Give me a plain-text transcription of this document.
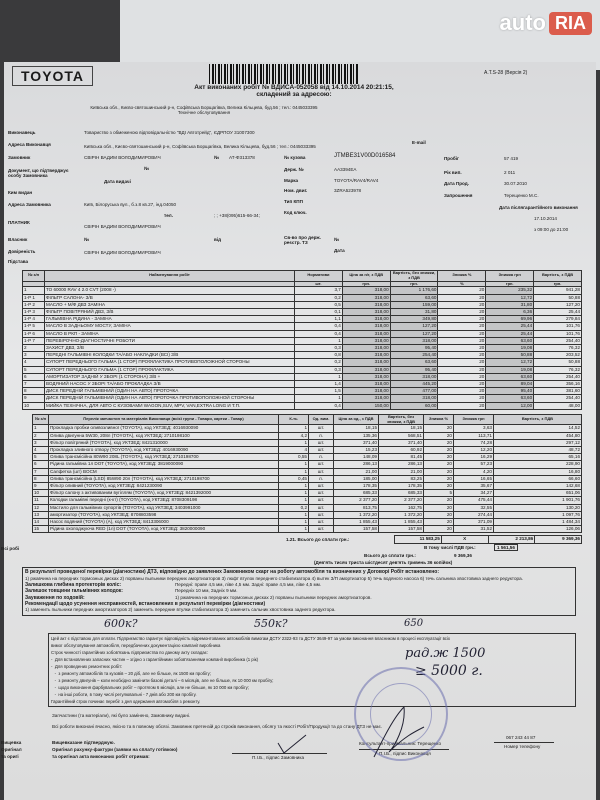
auto RIA
TOYOTA	А.Т.S-28 (Версія 2)
Акт виконаних робіт № ВДИСА-052058 від 14.10.2014 20:21:15,
складений за адресою:
Київська обл., Києво-святошинський р-н, Софіївська Борщагівка, Велика Кільцева, буд.56 ; тел.: 0445033395
Технічне обслуговування
Виконавець	Товариство з обмеженою відповідальністю "ВДІ Автотрейд", ЄДРПОУ 31007300
Адреса Виконавця	Київська обл., Києво-святошинський р-н, Софіївська Борщагівка, Велика Кільцева, буд.56 ; тел.: 0445033395
E-mail
Замовник	СВІРІН ВАДИМ ВОЛОДИМИРОВИЧ	№ АТ-Ф313378
Документ, що підтверджує особу Замовника
№
Дата видачі
Ким видан
Адреса Замовника	Київ, Білоруська вул., б.з.8 кв.27, інд.04050
тел.	; ; +38(095)615-66-34;
ПЛАТНИК
СВІРІН ВАДИМ ВОЛОДИМИРОВИЧ
Власник
Довіреність
№	від	Св-во про держ. реєстр. ТЗ
№
Дата
Підстава
СВІРІН ВАДИМ ВОЛОДИМИРОВИЧ
№ кузова	JTMBE31V00D016584
Держ. №	АА3394ЕА
Марка	TOYOTA/RAV4/RAV4
Ном. двиг.	3ZRA523978
Тип КПП
Код ключ.
Пробіг	57 419
Рік вип.	2 011
Дата Прод.	30.07.2010
Запрошення	Терещенко М.С.
Дата післягарантійного виконання
17.10.2014
з 09:00 до 21:00
№ з/п	Найменування робіт	Нормативи	Ціна за н/г, з ПДВ	Вартість, без знижки, з ПДВ	Знижка %	Знижка грн	Вартість, з ПДВ
		шт.	грн.	грн.	%	грн.	грн.
1	ТО 60000 RAV 4 2.0 CVT (2008 -)	3,7	318,00	1 176,60	20	235,32	941,28
1-Р 1	ФІЛЬТР САЛОНА- З/В	0,2	318,00	63,60	20	12,72	50,88
1-Р 2	МАСЛО + М/Ф ДВЗ ЗАМІНА	0,5	318,00	159,00	20	31,80	127,20
1-Р 3	ФІЛЬТР ПОВІТРЯНИЙ ДВЗ, З/В	0,1	318,00	31,80	20	6,36	25,44
1-Р 4	ГАЛЬМІВНА РІДИНА - ЗАМІНА	1,1	318,00	349,80	20	69,96	279,84
1-Р 5	МАСЛО В ЗАДНЬОМУ МОСТУ, ЗАМІНА	0,4	318,00	127,20	20	25,44	101,76
1-Р 6	МАСЛО В РКП - ЗАМІНА	0,4	318,00	127,20	20	25,44	101,76
1-Р 7	ПЕРЕВІРОЧНО-ДІАГНОСТИЧНІ РОБОТИ	1	318,00	318,00	20	63,60	254,40
2	ЗАХИСТ ДВЗ, З/В	0,3	318,00	95,40	20	19,08	76,32
3	ПЕРЕДНІ ГАЛЬМІВНІ КОЛОДКИ ТА/АБО НАКЛАДКИ (ВСІ) З/В	0,8	318,00	254,40	20	50,88	203,52
4	СУПОРТ ПЕРЕДНЬОГО ГАЛЬМА (1 СТОР) ПРОФІЛАКТИКА ПРОТИВОПОЛОЖНОЙ СТОРОНЫ	0,2	318,00	63,60	20	12,72	50,88
5	СУПОРТ ПЕРЕДНЬОГО ГАЛЬМА (1 СТОР) ПРОФІЛАКТИКА	0,3	318,00	95,40	20	19,08	76,32
6	АМОРТИЗАТОР ЗАДНІЙ У ЗБОРІ (1 СТОРОНА) З/В +	1	318,00	318,00	20	63,60	254,40
7	ВОДЯНИЙ НАСОС У ЗБОРІ ТА/АБО ПРОКЛАДКА З/В	1,4	318,00	445,20	20	89,04	356,16
8	ДИСК ПЕРЕДНІЙ ГАЛЬМІВНИЙ (ОДИН НА АВТО) ПРОТОЧКА	1,5	318,00	477,00	20	95,40	381,60
9	ДИСК ПЕРЕДНІЙ ГАЛЬМІВНИЙ (ОДИН НА АВТО) ПРОТОЧКА ПРОТИВОПОЛОЖНОЙ СТОРОНЫ	1	318,00	318,00	20	63,60	254,40
10	МИЙКА ТЕХНІЧНА, ДЛЯ АВТО С КУЗОВАМИ WAGON,SUV, MPV, VAN,EXTRA LONG И Т.П.	0,4	150,00	60,00	20	12,00	48,00
№ з/п	Перелік запчастин та матеріалів Виконавця (всієї групи - Товари, картки - Товар)	К-ть	Од. вим.	Ціна за од., з ПДВ	Вартість, без знижки, з ПДВ	Знижка %	Знижка грн	Вартість, з ПДВ
1	Прокладка пробки оливозливної (TOYOTA), код УКТЗЕД: 4016930090	1	шт.	18,15	18,15	20	3,63	14,52
2	Олива двигунна 5W30, 208л (TOYOTA), код УКТЗЕД: 2710198100	4,2	л.	135,36	568,51	20	113,71	454,80
3	Фільтр повітряний (TOYOTA), код УКТЗЕД: 8421310000	1	шт.	371,40	371,40	20	74,28	297,12
4	Прокладка зливного отвору (TOYOTA), код УКТЗЕД: 4016930090	4	шт.	15,23	60,92	20	12,20	48,72
5	Олива трансмісійна 80W90 208L (TOYOTA), код УКТЗЕД: 2710198700	0,55	л.	148,09	81,45	20	16,29	65,16
6	Рідина гальмівна 1л DOT (TOYOTA), код УКТЗЕД: 3819000090	1	шт.	286,13	286,13	20	57,23	228,90
7	Салфетка (шт) BOCM	1	шт.	21,00	21,00	20	4,20	16,80
8	Олива трансмісійна (LSD) 85W90 20л (TOYOTA), код УКТЗЕД: 2710198700	0,45	л.	185,00	83,25	20	16,65	66,60
9	Фільтр оливний (TOYOTA), код УКТЗЕД: 8421230090	1	шт.	178,35	178,35	20	35,67	142,68
10	Фільтр салону з активованим вугіллям (TOYOTA), код УКТЗЕД: 8421392000	1	шт.	685,33	685,33	5	34,27	651,06
11	Колодки гальмівні передні (к-кт) (TOYOTA), код УКТЗЕД: 8708309198	1	шт.	2 377,20	2 377,20	20	475,44	1 901,76
12	Мастило для гальмівних супортів (TOYOTA), код УКТЗЕД: 3403991000	0,2	шт.	813,75	162,75	20	32,55	130,20
13	амортизатор (TOYOTA), код УКТЗЕД: 8708803598	1	шт.	1 372,20	1 372,20	20	274,44	1 097,76
14	Насос водяний (TOYOTA) (A), код УКТЗЕД: 8413306000	1	шт.	1 855,43	1 855,43	20	371,09	1 484,34
15	Рідина охолоджуюча RED (1л) DOT (TOYOTA), код УКТЗЕД: 3820000090	1	шт.	157,58	157,58	20	31,52	126,06
1.21. Всього до сплати грн.:	11 583,25	X	2 213,86	9 369,36
В тому числі ПДВ грн.:	1 561,56
Всього до сплати грн.:	9 369,36
(Дев'ять тисяч триста шістдесят дев'ять гривень 36 копійок)
В результаті проведеної перевірки (діагностики) ДТЗ, відповідно до заявлених Замовником скарг на роботу автомобіля та визначених у Договорі Робіт встановлено:
1) ржавчина на передних тормозных дисках 2) порваны пыльники передних амортизаторов 3) люфт втулок переднего стабилизатора 4) вытек З/П амортизатор 5) течь водяного насоса 6) течь сальника хвостовика заднего редуктора.
Залишкова глибина протекторів коліс:	Передні: праве 4,5 мм, ліве 4,5 мм. Задні: праве 4,5 мм, ліве 4,5 мм.
Залишок товщини гальмівних колодок:	Передніх 10 мм, Задніх 9 мм.
Зауваження по ходовій:	1) ржавчина на передних тормозных дисках 2) порваны пыльники передних амортизаторов.
Рекомендації щодо усунення несправностей, встановлених в результаті перевірки (діагностики)
1) заменить пыльники передних амортизаторов 2) заменить передние втулки стабилизатора 3) заменить сальник хвостовика заднего редуктора.
600к?	550к?	650
рад.ж 1500
≥ 5000 г.
Цей акт є підставою для оплати. Підприємство гарантує відповідність відремонтованих автомобілів вимогам ДСТУ 2322-93 та ДСТУ 3649-97 за умови виконання власником в процесі експлуатації всіх
вимог обслуговування автомобіля, передбачених документацією компанії виробника
Строк чинності гарантійних зобов'язань підприємства по даному акту складає:
-  Для встановлених запасних частин – згідно з гарантійними зобов'язаннями компанії виробника (1 рік)
-  Для проведених ремонтних робіт:
-  з ремонту автомобілів та кузовів – 20 діб, але не більше, як 1500 км пробігу;
-  з ремонту двигунів – коли необхідно замінити базові деталі – 6 місяців, але не більше, як 10 000 км пробігу;
-  щодо виконання фарбувальних робіт – протягом 6 місяців, але не більше, як 10 000 км пробігу;
-  на інші роботи, в тому числі регулювальні - 7 днів або 200 км пробігу.
Гарантійний строк починає перебіг з дня одержання автомобіля з ремонту.
Запчастини (та матеріали), які було замінено, Замовнику видані.
Всі роботи виконані вчасно, якісно та в повному обсязі. Замовник претензій до строків виконання, обсягу та якості Робіт/Продукції та до стану ДТЗ не має.
Вищевказане підтверджую.
Оригінал рахунку-фактури (заявки на сплату готівкою)
та оригінал акта виконаних робіт отримав:	П.І.Б., підпис Замовника
Консультант-приймальник: Терещенко
П.І.Б., підпис Виконавця
067 243 44 87
Номер телефону
Всі робі
Вищевка
Оригінал
та оригі
